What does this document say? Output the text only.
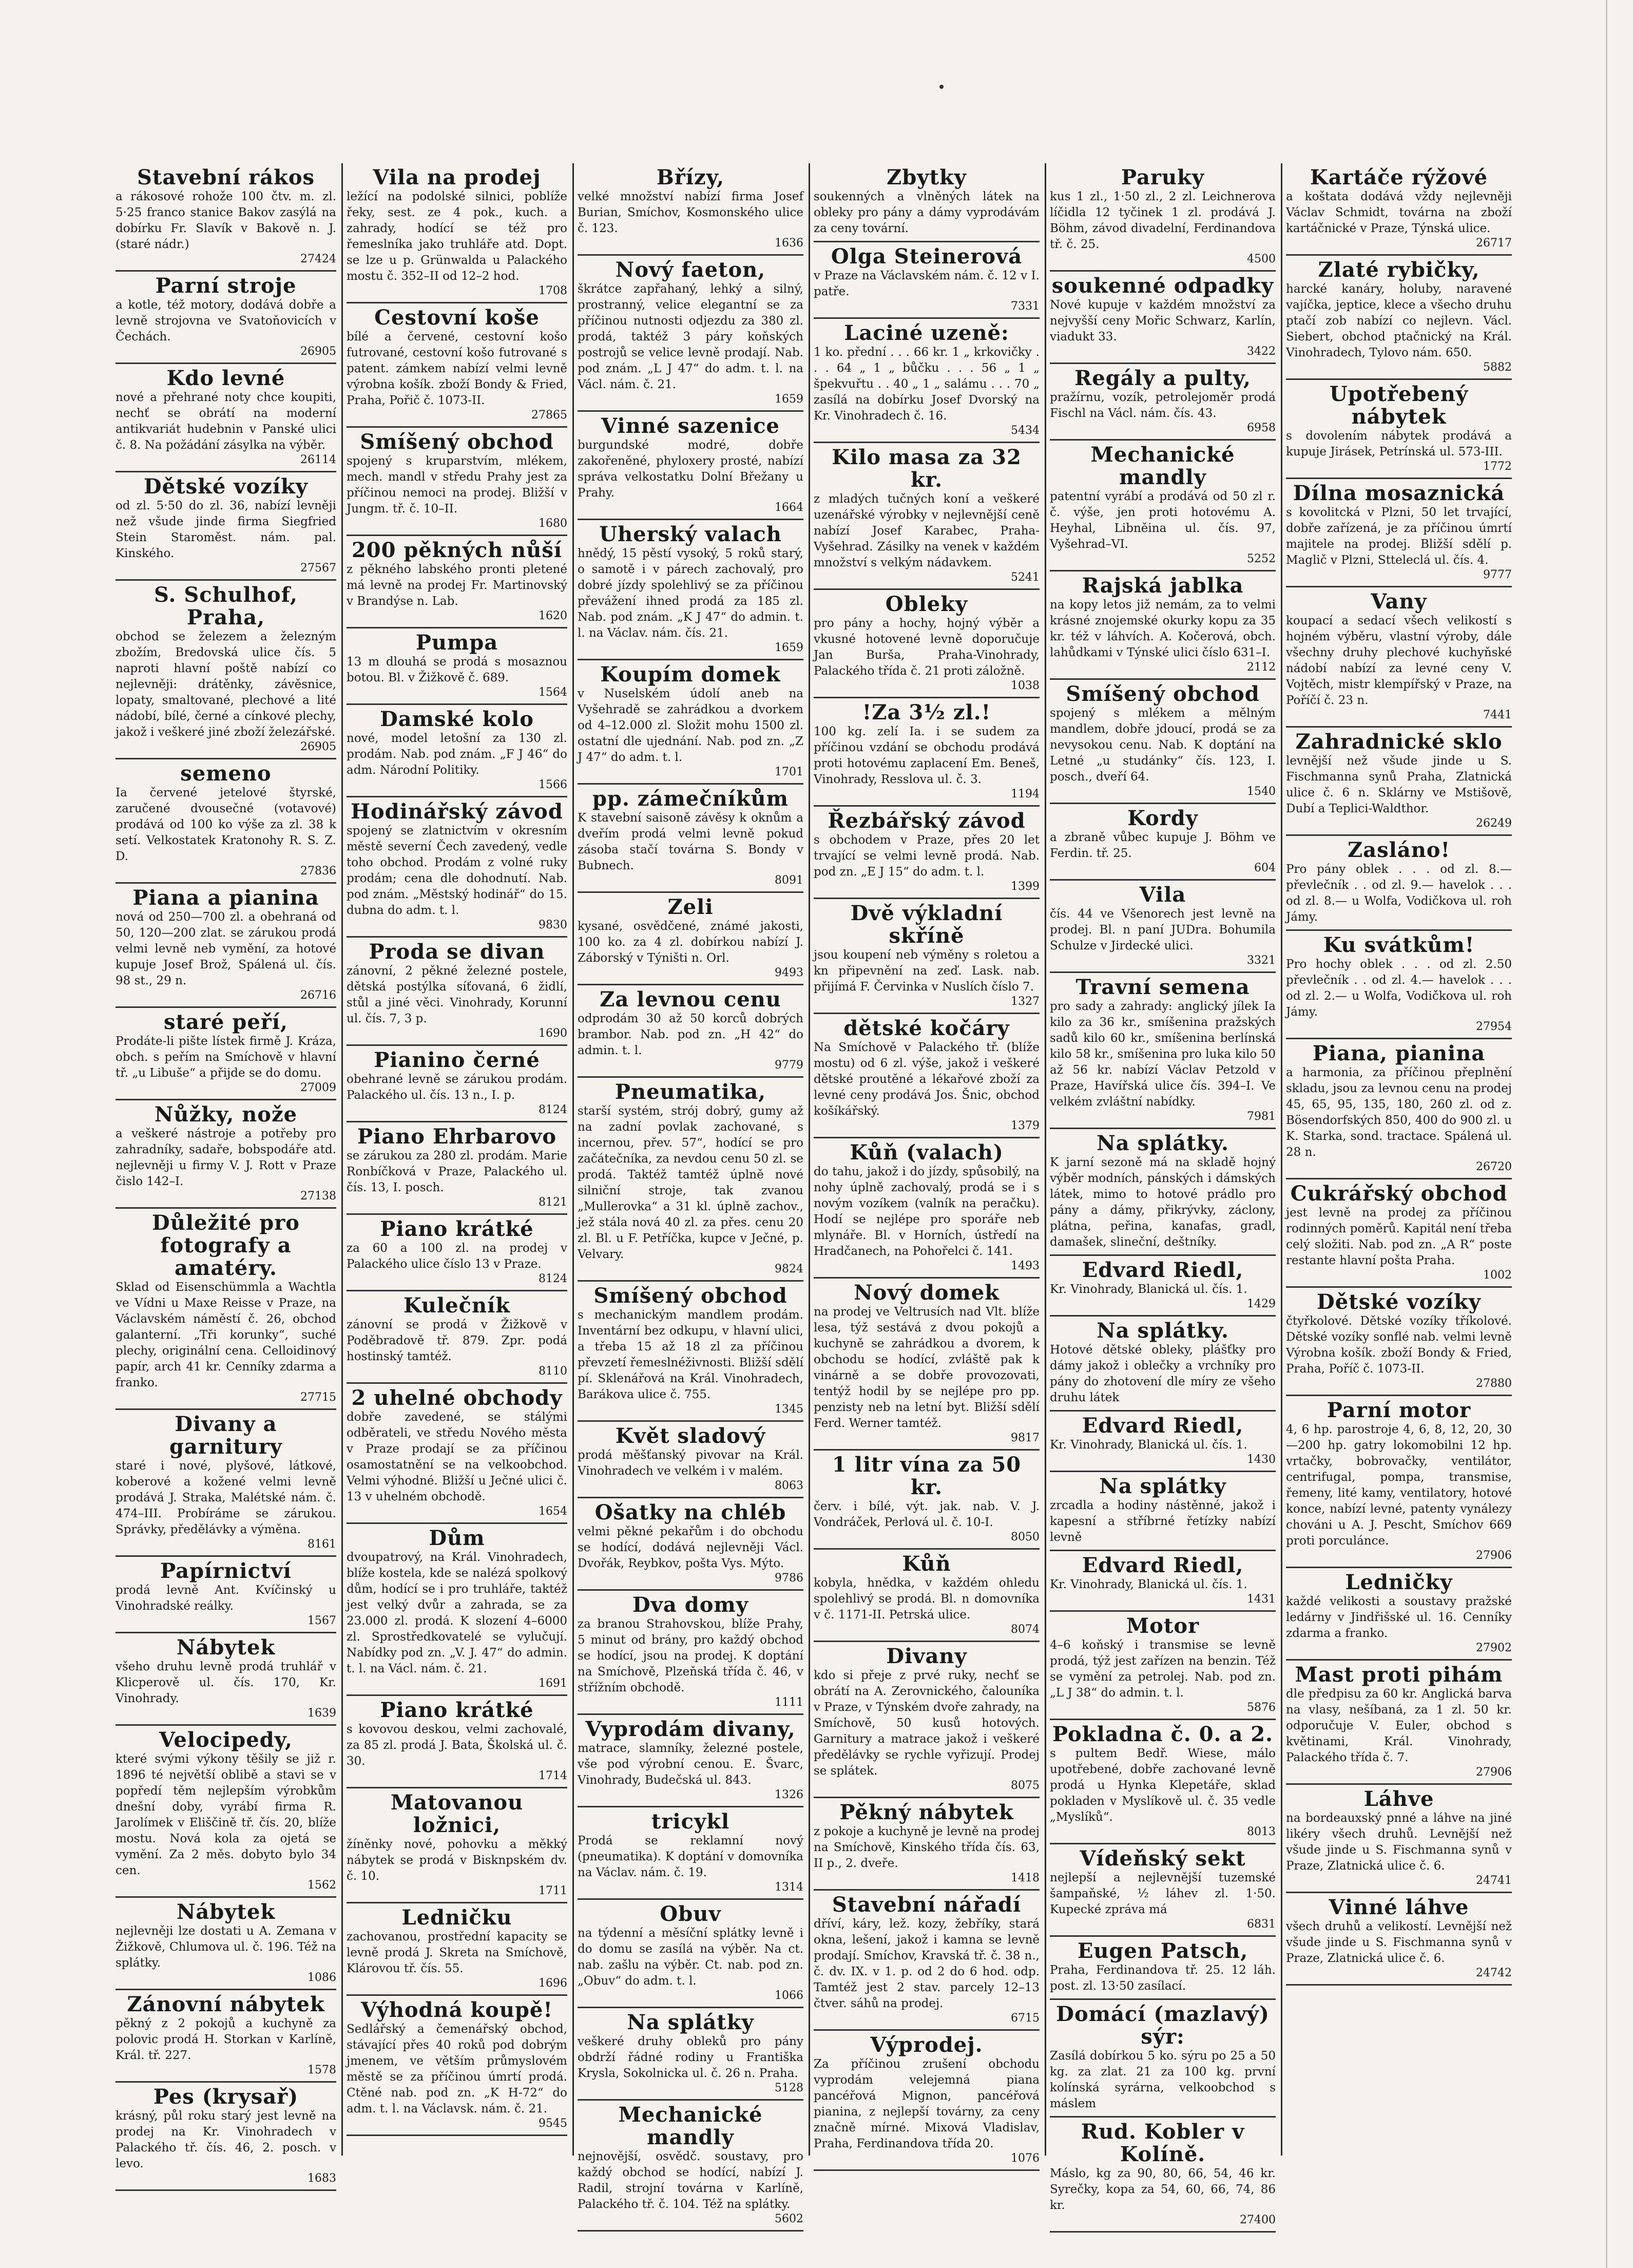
Stavební rákos
a rákosové rohože 100 čtv. m. zl. 5·25 franco stanice Bakov zasýlá na dobírku Fr. Slavík v Bakově n. J. (staré nádr.)
27424
Parní stroje
a kotle, též motory, dodává dobře a levně strojovna ve Svatoňovicích v Čechách.
26905
Kdo levné
nové a přehrané noty chce koupiti, nechť se obrátí na moderní antikvariát hudebnin v Panské ulici č. 8. Na požádání zásylka na výběr.
26114
Dětské vozíky
od zl. 5·50 do zl. 36, nabízí levněji než všude jinde firma Siegfried Stein Staroměst. nám. pal. Kinského.
27567
S. Schulhof, Praha,
obchod se železem a železným zbožím, Bredovská ulice čís. 5 naproti hlavní poště nabízí co nejlevněji: drátěnky, závěsnice, lopaty, smaltované, plechové a lité nádobí, bílé, černé a cínkové plechy, jakož i veškeré jiné zboží železářské.
26905
semeno
Ia červené jetelové štyrské, zaručené dvousečné (votavové) prodává od 100 ko výše za zl. 38 k setí. Velkostatek Kratonohy R. S. Z. D.
27836
Piana a pianina
nová od 250—700 zl. a obehraná od 50, 120—200 zlat. se zárukou prodá velmi levně neb vymění, za hotové kupuje Josef Brož, Spálená ul. čís. 98 st., 29 n.
26716
staré peří,
Prodáte-li pište lístek firmě J. Kráza, obch. s peřím na Smíchově v hlavní tř. „u Libuše“ a přijde se do domu.
27009
Nůžky, nože
a veškeré nástroje a potřeby pro zahradníky, sadaře, bobspodáře atd. nejlevněji u firmy V. J. Rott v Praze čislo 142–I.
27138
Důležité pro fotografy a amatéry.
Sklad od Eisenschümmla a Wachtla ve Vídni u Maxe Reisse v Praze, na Václavském náměstí č. 26, obchod galanterní. „Tři korunky“, suché plechy, originální cena. Celloidinový papír, arch 41 kr. Cenníky zdarma a franko.
27715
Divany a garnitury
staré i nové, plyšové, látkové, koberové a kožené velmi levně prodává J. Straka, Malétské nám. č. 474–III. Probíráme se zárukou. Správky, předělávky a výměna.
8161
Papírnictví
prodá levně Ant. Kvíčinský u Vinohradské reálky.
1567
Nábytek
všeho druhu levně prodá truhlář v Klicperově ul. čís. 170, Kr. Vinohrady.
1639
Velocipedy,
které svými výkony těšily se již r. 1896 té největší oblibě a stavi se v popředí těm nejlepším výrobkům dnešní doby, vyrábí firma R. Jarolímek v Eliščině tř. čís. 20, blíže mostu. Nová kola za ojetá se vymění. Za 2 měs. dobyto bylo 34 cen.
1562
Nábytek
nejlevněji lze dostati u A. Zemana v Žižkově, Chlumova ul. č. 196. Též na splátky.
1086
Zánovní nábytek
pěkný z 2 pokojů a kuchyně za polovic prodá H. Storkan v Karlíně, Král. tř. 227.
1578
Pes (krysař)
krásný, půl roku starý jest levně na prodej na Kr. Vinohradech v Palackého tř. čís. 46, 2. posch. v levo.
1683
Vila na prodej
ležící na podolské silnici, poblíže řeky, sest. ze 4 pok., kuch. a zahrady, hodící se též pro řemeslníka jako truhláře atd. Dopt. se lze u p. Grünwalda u Palackého mostu č. 352–II od 12–2 hod.
1708
Cestovní koše
bílé a červené, cestovní košo futrované, cestovní košo futrované s patent. zámkem nabízí velmi levně výrobna košík. zboží Bondy & Fried, Praha, Pořič č. 1073-II.
27865
Smíšený obchod
spojený s kruparstvím, mlékem, mech. mandl v středu Prahy jest za příčinou nemoci na prodej. Bližší v Jungm. tř. č. 10–II.
1680
200 pěkných nůší
z pěkného labského pronti pletené má levně na prodej Fr. Martinovský v Brandýse n. Lab.
1620
Pumpa
13 m dlouhá se prodá s mosaznou botou. Bl. v Žižkově č. 689.
1564
Damské kolo
nové, model letošní za 130 zl. prodám. Nab. pod znám. „F J 46“ do adm. Národní Politiky.
1566
Hodinářský závod
spojený se zlatnictvím v okresním městě severní Čech zavedený, vedle toho obchod. Prodám z volné ruky prodám; cena dle dohodnutí. Nab. pod znám. „Městský hodinář“ do 15. dubna do adm. t. l.
9830
Proda se divan
zánovní, 2 pěkné železné postele, dětská postýlka síťovaná, 6 židlí, stůl a jiné věci. Vinohrady, Korunní ul. čís. 7, 3 p.
1690
Pianino černé
obehrané levně se zárukou prodám. Palackého ul. čís. 13 n., I. p.
8124
Piano Ehrbarovo
se zárukou za 280 zl. prodám. Marie Ronbíčková v Praze, Palackého ul. čís. 13, I. posch.
8121
Piano krátké
za 60 a 100 zl. na prodej v Palackého ulice číslo 13 v Praze.
8124
Kulečník
zánovní se prodá v Žižkově v Poděbradově tř. 879. Zpr. podá hostinský tamtéž.
8110
2 uhelné obchody
dobře zavedené, se stálými odběrateli, ve středu Nového města v Praze prodají se za příčinou osamostatnění se na velkoobchod. Velmi výhodné. Bližší u Ječné ulici č. 13 v uhelném obchodě.
1654
Dům
dvoupatrový, na Král. Vinohradech, blíže kostela, kde se nalézá spolkový dům, hodící se i pro truhláře, taktéž jest velký dvůr a zahrada, se za 23.000 zl. prodá. K slození 4–6000 zl. Sprostředkovatelé se vylučují. Nabídky pod zn. „V. J. 47“ do admin. t. l. na Václ. nám. č. 21.
1691
Piano krátké
s kovovou deskou, velmi zachovalé, za 85 zl. prodá J. Bata, Školská ul. č. 30.
1714
Matovanou ložnici,
žíněnky nové, pohovku a měkký nábytek se prodá v Bisknpském dv. č. 10.
1711
Ledničku
zachovanou, prostřední kapacity se levně prodá J. Skreta na Smíchově, Klárovou tř. čís. 55.
1696
Výhodná koupě!
Sedlářský a čemenářský obchod, stávající přes 40 roků pod dobrým jmenem, ve větším průmyslovém městě se za příčinou úmrtí prodá. Ctěné nab. pod zn. „K H-72“ do adm. t. l. na Václavsk. nám. č. 21.
9545
Břízy,
velké množství nabízí firma Josef Burian, Smíchov, Kosmonského ulice č. 123.
1636
Nový faeton,
škrátce zapřahaný, lehký a silný, prostranný, velice elegantní se za příčinou nutnosti odjezdu za 380 zl. prodá, taktéž 3 páry koňských postrojů se velice levně prodají. Nab. pod znám. „L J 47“ do adm. t. l. na Václ. nám. č. 21.
1659
Vinné sazenice
burgundské modré, dobře zakořeněné, phyloxery prosté, nabízí správa velkostatku Dolní Břežany u Prahy.
1664
Uherský valach
hnědý, 15 pěstí vysoký, 5 roků starý, o samotě i v párech zachovalý, pro dobré jízdy spolehlivý se za příčinou převážení ihned prodá za 185 zl. Nab. pod znám. „K J 47“ do admin. t. l. na Václav. nám. čís. 21.
1659
Koupím domek
v Nuselském údolí aneb na Vyšehradě se zahrádkou a dvorkem od 4–12.000 zl. Složit mohu 1500 zl. ostatní dle ujednání. Nab. pod zn. „Z J 47“ do adm. t. l.
1701
pp. zámečníkům
K stavební saisoně závěsy k oknům a dveřím prodá velmi levně pokud zásoba stačí továrna S. Bondy v Bubnech.
8091
Zeli
kysané, osvědčené, známé jakosti, 100 ko. za 4 zl. dobírkou nabízí J. Záborský v Týništi n. Orl.
9493
Za levnou cenu
odprodám 30 až 50 korců dobrých brambor. Nab. pod zn. „H 42“ do admin. t. l.
9779
Pneumatika,
starší systém, strój dobrý, gumy až na zadní povlak zachované, s incernou, přev. 57“, hodící se pro začátečníka, za nevdou cenu 50 zl. se prodá. Taktéž tamtéž úplně nové silniční stroje, tak zvanou „Mullerovka“ a 31 kl. úplně zachov., jež stála nová 40 zl. za přes. cenu 20 zl. Bl. u F. Petříčka, kupce v Ječné, p. Velvary.
9824
Smíšený obchod
s mechanickým mandlem prodám. Inventární bez odkupu, v hlavní ulici, a třeba 15 až 18 zl za příčinou převzetí řemeslnéživnosti. Bližší sdělí pí. Sklenářová na Král. Vinohradech, Barákova ulice č. 755.
1345
Květ sladový
prodá měšťanský pivovar na Král. Vinohradech ve velkém i v malém.
8063
Ošatky na chléb
velmi pěkné pekařům i do obchodu se hodící, dodává nejlevněji Václ. Dvořák, Reybkov, pošta Vys. Mýto.
9786
Dva domy
za branou Strahovskou, blíže Prahy, 5 minut od brány, pro každý obchod se hodící, jsou na prodej. K doptání na Smíchově, Plzeňská třída č. 46, v střížním obchodě.
1111
Vyprodám divany,
matrace, slamníky, železné postele, vše pod výrobní cenou. E. Švarc, Vinohrady, Budečská ul. 843.
1326
tricykl
Prodá se reklamní nový (pneumatika). K doptání v domovníka na Václav. nám. č. 19.
1314
Obuv
na týdenní a měsíční splátky levně i do domu se zasílá na výběr. Na ct. nab. zašlu na výběr. Ct. nab. pod zn. „Obuv“ do adm. t. l.
1066
Na splátky
veškeré druhy obleků pro pány obdrží řádné rodiny u Františka Krysla, Sokolnicka ul. č. 26 n. Praha.
5128
Mechanické mandly
nejnovější, osvědč. soustavy, pro každý obchod se hodící, nabízí J. Radil, strojní továrna v Karlíně, Palackého tř. č. 104. Též na splátky.
5602
Zbytky
soukenných a vlněných látek na obleky pro pány a dámy vyprodávám za ceny tovární.
Olga Steinerová
v Praze na Václavském nám. č. 12 v I. patře.
7331
Laciné uzeně:
1 ko. přední . . . 66 kr. 1 „ krkovičky . . . 64 „ 1 „ bůčku . . . 56 „ 1 „ špekvuřtu . . 40 „ 1 „ salámu . . . 70 „ zasílá na dobírku Josef Dvorský na Kr. Vinohradech č. 16.
5434
Kilo masa za 32 kr.
z mladých tučných koní a veškeré uzenářské výrobky v nejlevnější ceně nabízí Josef Karabec, Praha-Vyšehrad. Zásilky na venek v každém množství s velkým nádavkem.
5241
Obleky
pro pány a hochy, hojný výběr a vkusné hotovené levně doporučuje Jan Burša, Praha-Vinohrady, Palackého třída č. 21 proti záložně.
1038
!Za 3½ zl.!
100 kg. zelí Ia. i se sudem za příčinou vzdání se obchodu prodává proti hotovému zaplacení Em. Beneš, Vinohrady, Resslova ul. č. 3.
1194
Řezbářský závod
s obchodem v Praze, přes 20 let trvající se velmi levně prodá. Nab. pod zn. „E J 15“ do adm. t. l.
1399
Dvě výkladní skříně
jsou koupení neb výměny s roletou a kn připevnění na zeď. Lask. nab. přijímá F. Červinka v Nuslích číslo 7.
1327
dětské kočáry
Na Smíchově v Palackého tř. (blíže mostu) od 6 zl. výše, jakož i veškeré dětské proutěné a lékařové zboží za levné ceny prodává Jos. Šnic, obchod košíkářský.
1379
Kůň (valach)
do tahu, jakož i do jízdy, spůsobilý, na nohy úplně zachovalý, prodá se i s novým vozíkem (valník na peračku). Hodí se nejlépe pro sporáře neb mlynáře. Bl. v Horních, ústředí na Hradčanech, na Pohořelci č. 141.
1493
Nový domek
na prodej ve Veltrusích nad Vlt. blíže lesa, týž sestává z dvou pokojů a kuchyně se zahrádkou a dvorem, k obchodu se hodící, zvláště pak k vinárně a se dobře provozovati, tentýž hodil by se nejlépe pro pp. penzisty neb na letní byt. Bližší sdělí Ferd. Werner tamtéž.
9817
1 litr vína za 50 kr.
červ. i bílé, výt. jak. nab. V. J. Vondráček, Perlová ul. č. 10-I.
8050
Kůň
kobyla, hnědka, v každém ohledu spolehlivý se prodá. Bl. n domovníka v č. 1171-II. Petrská ulice.
8074
Divany
kdo si přeje z prvé ruky, nechť se obrátí na A. Zerovnického, čalouníka v Praze, v Týnském dvoře zahrady, na Smíchově, 50 kusů hotových. Garnitury a matrace jakož i veškeré předělávky se rychle vyřizují. Prodej se splátek.
8075
Pěkný nábytek
z pokoje a kuchyně je levně na prodej na Smíchově, Kinského třída čís. 63, II p., 2. dveře.
1418
Stavební nářadí
dříví, káry, lež. kozy, žebříky, stará okna, lešení, jakož i kamna se levně prodají. Smíchov, Kravská tř. č. 38 n., č. dv. IX. v 1. p. od 2 do 6 hod. odp. Tamtéž jest 2 stav. parcely 12–13 čtver. sáhů na prodej.
6715
Výprodej.
Za příčinou zrušení obchodu vyprodám velejemná piana pancéřová Mignon, pancéřová pianina, z nejlepší továrny, za ceny značně mírné. Mixová Vladislav, Praha, Ferdinandova třída 20.
1076
Paruky
kus 1 zl., 1·50 zl., 2 zl. Leichnerova líčidla 12 tyčinek 1 zl. prodává J. Böhm, závod divadelní, Ferdinandova tř. č. 25.
4500
soukenné odpadky
Nové kupuje v každém množství za nejvyšší ceny Mořic Schwarz, Karlín, viadukt 33.
3422
Regály a pulty,
pražírnu, vozík, petrolejoměr prodá Fischl na Václ. nám. čís. 43.
6958
Mechanické mandly
patentní vyrábí a prodává od 50 zl r. č. výše, jen proti hotovému A. Heyhal, Libněina ul. čís. 97, Vyšehrad–VI.
5252
Rajská jablka
na kopy letos již nemám, za to velmi krásné znojemské okurky kopu za 35 kr. též v láhvích. A. Kočerová, obch. lahůdkami v Týnské ulici číslo 631–I.
2112
Smíšený obchod
spojený s mlékem a mělným mandlem, dobře jdoucí, prodá se za nevysokou cenu. Nab. K doptání na Letné „u studánky“ čís. 123, I. posch., dveří 64.
1540
Kordy
a zbraně vůbec kupuje J. Böhm ve Ferdin. tř. 25.
604
Vila
čís. 44 ve Všenorech jest levně na prodej. Bl. n paní JUDra. Bohumila Schulze v Jirdecké ulici.
3321
Travní semena
pro sady a zahrady: anglický jílek Ia kilo za 36 kr., smíšenina pražských sadů kilo 60 kr., smíšenina berlínská kilo 58 kr., smíšenina pro luka kilo 50 až 56 kr. nabízí Václav Petzold v Praze, Havířská ulice čís. 394–I. Ve velkém zvláštní nabídky.
7981
Na splátky.
K jarní sezoně má na skladě hojný výběr modních, pánských i dámských látek, mimo to hotové prádlo pro pány a dámy, přikrývky, záclony, plátna, peřina, kanafas, gradl, damašek, slineční, deštníky.
Edvard Riedl,
Kr. Vinohrady, Blanická ul. čís. 1.
1429
Na splátky.
Hotové dětské obleky, plášťky pro dámy jakož i oblečky a vrchníky pro pány do zhotovení dle míry ze všeho druhu látek
Edvard Riedl,
Kr. Vinohrady, Blanická ul. čís. 1.
1430
Na splátky
zrcadla a hodiny nástěnné, jakož i kapesní a stříbrné řetízky nabízí levně
Edvard Riedl,
Kr. Vinohrady, Blanická ul. čís. 1.
1431
Motor
4–6 koňský i transmise se levně prodá, týž jest zařízen na benzin. Též se vymění za petrolej. Nab. pod zn. „L J 38“ do admin. t. l.
5876
Pokladna č. 0. a 2.
s pultem Bedř. Wiese, málo upotřebené, dobře zachované levně prodá u Hynka Klepetáře, sklad pokladen v Myslíkově ul. č. 35 vedle „Myslíků“.
8013
Vídeňský sekt
nejlepší a nejlevnější tuzemské šampaňské, ½ láhev zl. 1·50. Kupecké zpráva má
6831
Eugen Patsch,
Praha, Ferdinandova tř. 25. 12 láh. post. zl. 13·50 zasílací.
Domácí (mazlavý) sýr:
Zasílá dobírkou 5 ko. sýru po 25 a 50 kg. za zlat. 21 za 100 kg. první kolínská syrárna, velkoobchod s máslem
Rud. Kobler v Kolíně.
Máslo, kg za 90, 80, 66, 54, 46 kr. Syrečky, kopa za 54, 60, 66, 74, 86 kr.
27400
Kartáče rýžové
a koštata dodává vždy nejlevněji Václav Schmidt, továrna na zboží kartáčnické v Praze, Týnská ulice.
26717
Zlaté rybičky,
harcké kanáry, holuby, naravené vajíčka, jeptice, klece a všecho druhu ptačí zob nabízí co nejlevn. Václ. Siebert, obchod ptačnický na Král. Vinohradech, Tylovo nám. 650.
5882
Upotřebený nábytek
s dovolením nábytek prodává a kupuje Jirásek, Petrínská ul. 573-III.
1772
Dílna mosaznická
s kovolitcká v Plzni, 50 let trvající, dobře zařízená, je za příčinou úmrtí majitele na prodej. Bližší sdělí p. Maglič v Plzni, Stteleclá ul. čís. 4.
9777
Vany
koupací a sedací všech velikostí s hojném výběru, vlastní výroby, dále všechny druhy plechové kuchyňské nádobí nabízí za levné ceny V. Vojtěch, mistr klempířský v Praze, na Poříčí č. 23 n.
7441
Zahradnické sklo
levnější než všude jinde u S. Fischmanna synů Praha, Zlatnická ulice č. 6 n. Sklárny ve Mstišově, Dubí a Teplici-Waldthor.
26249
Zasláno!
Pro pány oblek . . . od zl. 8.— převlečník . . od zl. 9.— havelok . . . od zl. 8.— u Wolfa, Vodičkova ul. roh Jámy.
Ku svátkům!
Pro hochy oblek . . . od zl. 2.50 převlečník . . od zl. 4.— havelok . . . od zl. 2.— u Wolfa, Vodičkova ul. roh Jámy.
27954
Piana, pianina
a harmonia, za příčinou přeplnění skladu, jsou za levnou cenu na prodej 45, 65, 95, 135, 180, 260 zl. od z. Bösendorfských 850, 400 do 900 zl. u K. Starka, sond. tractace. Spálená ul. 28 n.
26720
Cukrářský obchod
jest levně na prodej za příčinou rodinných poměrů. Kapitál není třeba celý složiti. Nab. pod zn. „A R“ poste restante hlavní pošta Praha.
1002
Dětské vozíky
čtyřkolové. Dětské vozíky tříkolové. Dětské vozíky sonflé nab. velmi levně Výrobna košík. zboží Bondy & Fried, Praha, Poříč č. 1073-II.
27880
Parní motor
4, 6 hp. parostroje 4, 6, 8, 12, 20, 30—200 hp. gatry lokomobilni 12 hp. vrtačky, bobrovačky, ventilátor, centrifugal, pompa, transmise, řemeny, lité kamy, ventilatory, hotové konce, nabízí levné, patenty vynálezy chováni u A. J. Pescht, Smíchov 669 proti porculánce.
27906
Ledničky
každé velikosti a soustavy pražské ledárny v Jindřišské ul. 16. Cenníky zdarma a franko.
27902
Mast proti pihám
dle předpisu za 60 kr. Anglická barva na vlasy, nešíbaná, za 1 zl. 50 kr. odporučuje V. Euler, obchod s květinami, Král. Vinohrady, Palackého třída č. 7.
27906
Láhve
na bordeauxský pnné a láhve na jiné likéry všech druhů. Levnější než všude jinde u S. Fischmanna synů v Praze, Zlatnická ulice č. 6.
24741
Vinné láhve
všech druhů a velikostí. Levnější než všude jinde u S. Fischmanna synů v Praze, Zlatnická ulice č. 6.
24742
